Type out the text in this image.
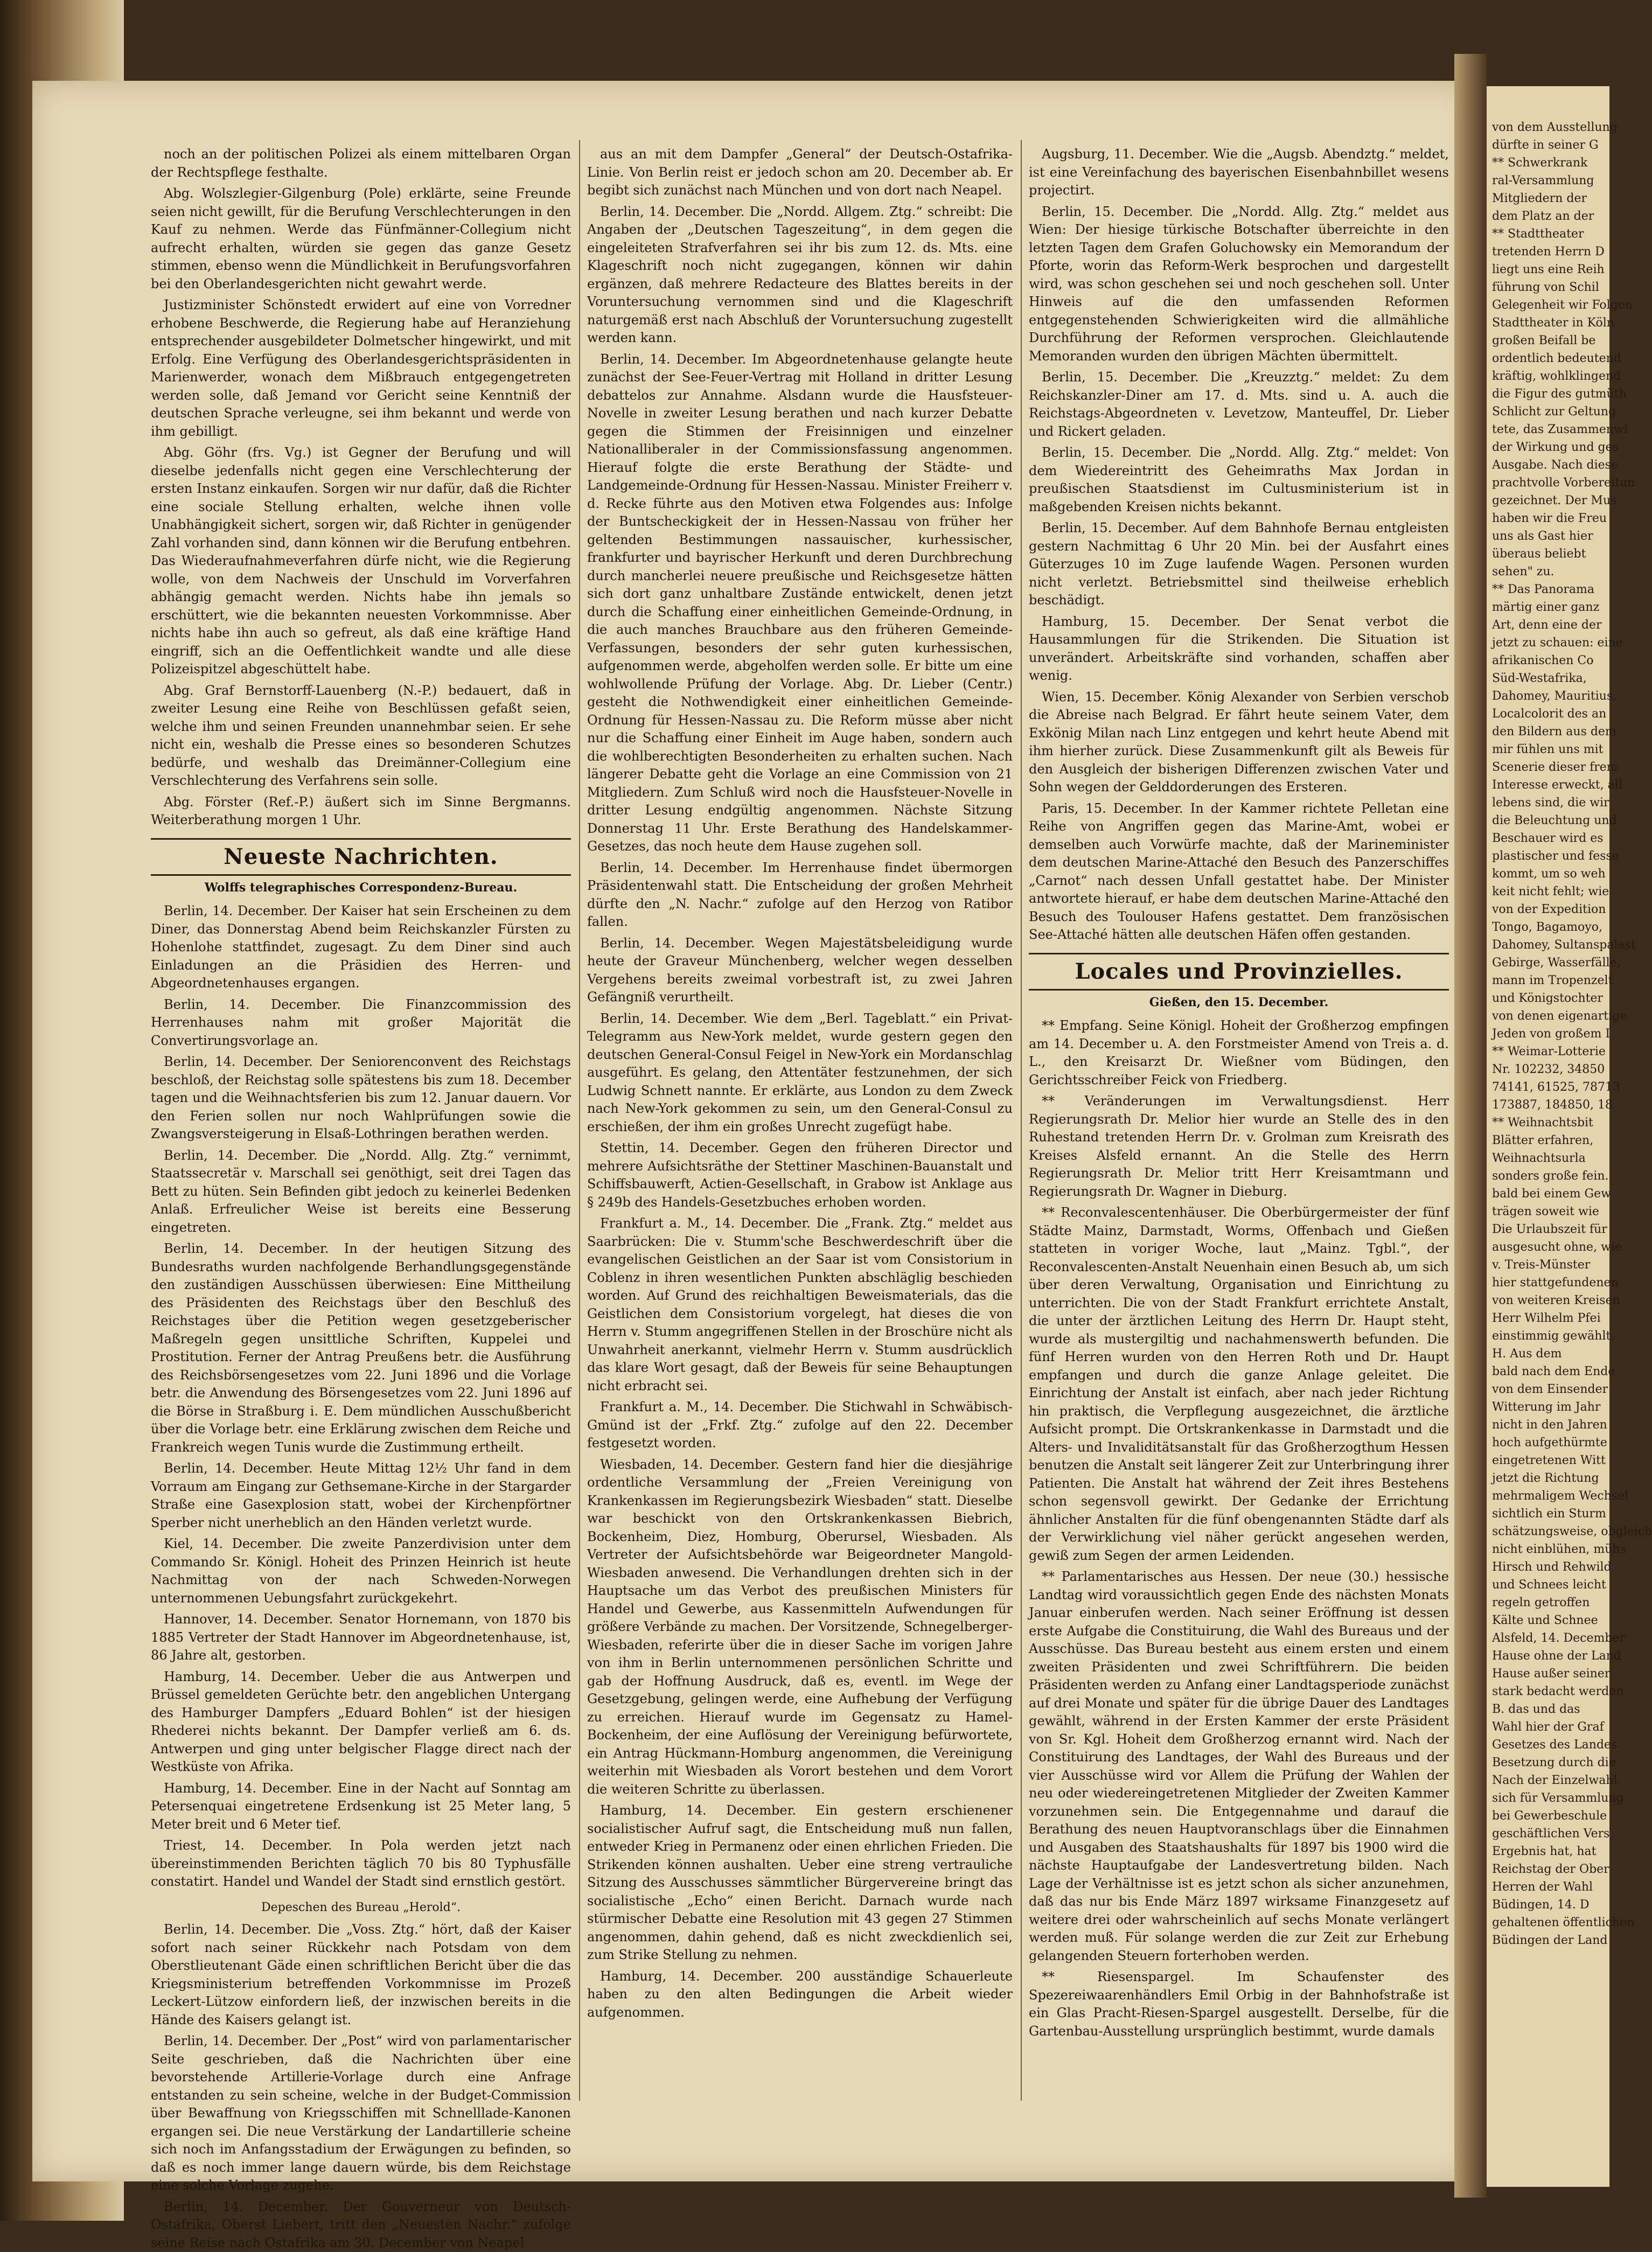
noch an der politischen Polizei als einem mittelbaren Organ der Rechtspflege festhalte.

Abg. Wolszlegier-Gilgenburg (Pole) erklärte, seine Freunde seien nicht gewillt, für die Berufung Verschlechterungen in den Kauf zu nehmen. Werde das Fünfmänner-Collegium nicht aufrecht erhalten, würden sie gegen das ganze Gesetz stimmen, ebenso wenn die Mündlichkeit in Berufungsvorfahren bei den Oberlandesgerichten nicht gewahrt werde.

Justizminister Schönstedt erwidert auf eine von Vorredner erhobene Beschwerde, die Regierung habe auf Heranziehung entsprechender ausgebildeter Dolmetscher hingewirkt, und mit Erfolg. Eine Verfügung des Oberlandesgerichtspräsidenten in Marienwerder, wonach dem Mißbrauch entgegengetreten werden solle, daß Jemand vor Gericht seine Kenntniß der deutschen Sprache verleugne, sei ihm bekannt und werde von ihm gebilligt.

Abg. Göhr (frs. Vg.) ist Gegner der Berufung und will dieselbe jedenfalls nicht gegen eine Verschlechterung der ersten Instanz einkaufen. Sorgen wir nur dafür, daß die Richter eine sociale Stellung erhalten, welche ihnen volle Unabhängigkeit sichert, sorgen wir, daß Richter in genügender Zahl vorhanden sind, dann können wir die Berufung entbehren. Das Wiederaufnahmeverfahren dürfe nicht, wie die Regierung wolle, von dem Nachweis der Unschuld im Vorverfahren abhängig gemacht werden. Nichts habe ihn jemals so erschüttert, wie die bekannten neuesten Vorkommnisse. Aber nichts habe ihn auch so gefreut, als daß eine kräftige Hand eingriff, sich an die Oeffentlichkeit wandte und alle diese Polizeispitzel abgeschüttelt habe.

Abg. Graf Bernstorff-Lauenberg (N.-P.) bedauert, daß in zweiter Lesung eine Reihe von Beschlüssen gefaßt seien, welche ihm und seinen Freunden unannehmbar seien. Er sehe nicht ein, weshalb die Presse eines so besonderen Schutzes bedürfe, und weshalb das Dreimänner-Collegium eine Verschlechterung des Verfahrens sein solle.

Abg. Förster (Ref.-P.) äußert sich im Sinne Bergmanns. Weiterberathung morgen 1 Uhr.

Neueste Nachrichten.
Wolffs telegraphisches Correspondenz-Bureau.

Berlin, 14. December. Der Kaiser hat sein Erscheinen zu dem Diner, das Donnerstag Abend beim Reichskanzler Fürsten zu Hohenlohe stattfindet, zugesagt. Zu dem Diner sind auch Einladungen an die Präsidien des Herren- und Abgeordnetenhauses ergangen.

Berlin, 14. December. Die Finanzcommission des Herrenhauses nahm mit großer Majorität die Convertirungsvorlage an.

Berlin, 14. December. Der Seniorenconvent des Reichstags beschloß, der Reichstag solle spätestens bis zum 18. December tagen und die Weihnachtsferien bis zum 12. Januar dauern. Vor den Ferien sollen nur noch Wahlprüfungen sowie die Zwangsversteigerung in Elsaß-Lothringen berathen werden.

Berlin, 14. December. Die „Nordd. Allg. Ztg.“ vernimmt, Staatssecretär v. Marschall sei genöthigt, seit drei Tagen das Bett zu hüten. Sein Befinden gibt jedoch zu keinerlei Bedenken Anlaß. Erfreulicher Weise ist bereits eine Besserung eingetreten.

Berlin, 14. December. In der heutigen Sitzung des Bundesraths wurden nachfolgende Berhandlungsgegenstände den zuständigen Ausschüssen überwiesen: Eine Mittheilung des Präsidenten des Reichstags über den Beschluß des Reichstages über die Petition wegen gesetzgeberischer Maßregeln gegen unsittliche Schriften, Kuppelei und Prostitution. Ferner der Antrag Preußens betr. die Ausführung des Reichsbörsengesetzes vom 22. Juni 1896 und die Vorlage betr. die Anwendung des Börsengesetzes vom 22. Juni 1896 auf die Börse in Straßburg i. E. Dem mündlichen Ausschußbericht über die Vorlage betr. eine Erklärung zwischen dem Reiche und Frankreich wegen Tunis wurde die Zustimmung ertheilt.

Berlin, 14. December. Heute Mittag 12½ Uhr fand in dem Vorraum am Eingang zur Gethsemane-Kirche in der Stargarder Straße eine Gasexplosion statt, wobei der Kirchenpförtner Sperber nicht unerheblich an den Händen verletzt wurde.

Kiel, 14. December. Die zweite Panzerdivision unter dem Commando Sr. Königl. Hoheit des Prinzen Heinrich ist heute Nachmittag von der nach Schweden-Norwegen unternommenen Uebungsfahrt zurückgekehrt.

Hannover, 14. December. Senator Hornemann, von 1870 bis 1885 Vertreter der Stadt Hannover im Abgeordnetenhause, ist, 86 Jahre alt, gestorben.

Hamburg, 14. December. Ueber die aus Antwerpen und Brüssel gemeldeten Gerüchte betr. den angeblichen Untergang des Hamburger Dampfers „Eduard Bohlen“ ist der hiesigen Rhederei nichts bekannt. Der Dampfer verließ am 6. ds. Antwerpen und ging unter belgischer Flagge direct nach der Westküste von Afrika.

Hamburg, 14. December. Eine in der Nacht auf Sonntag am Petersenquai eingetretene Erdsenkung ist 25 Meter lang, 5 Meter breit und 6 Meter tief.

Triest, 14. December. In Pola werden jetzt nach übereinstimmenden Berichten täglich 70 bis 80 Typhusfälle constatirt. Handel und Wandel der Stadt sind ernstlich gestört.

Depeschen des Bureau „Herold“.

Berlin, 14. December. Die „Voss. Ztg.“ hört, daß der Kaiser sofort nach seiner Rückkehr nach Potsdam von dem Oberstlieutenant Gäde einen schriftlichen Bericht über die das Kriegsministerium betreffenden Vorkommnisse im Prozeß Leckert-Lützow einfordern ließ, der inzwischen bereits in die Hände des Kaisers gelangt ist.

Berlin, 14. December. Der „Post“ wird von parlamentarischer Seite geschrieben, daß die Nachrichten über eine bevorstehende Artillerie-Vorlage durch eine Anfrage entstanden zu sein scheine, welche in der Budget-Commission über Bewaffnung von Kriegsschiffen mit Schnelllade-Kanonen ergangen sei. Die neue Verstärkung der Landartillerie scheine sich noch im Anfangsstadium der Erwägungen zu befinden, so daß es noch immer lange dauern würde, bis dem Reichstage eine solche Vorlage zugehe.

Berlin, 14. December. Der Gouverneur von Deutsch-Ostafrika, Oberst Liebert, tritt den „Neuesten Nachr.“ zufolge seine Reise nach Ostafrika am 30. December von Neapel

aus an mit dem Dampfer „General“ der Deutsch-Ostafrika-Linie. Von Berlin reist er jedoch schon am 20. December ab. Er begibt sich zunächst nach München und von dort nach Neapel.

Berlin, 14. December. Die „Nordd. Allgem. Ztg.“ schreibt: Die Angaben der „Deutschen Tageszeitung“, in dem gegen die eingeleiteten Strafverfahren sei ihr bis zum 12. ds. Mts. eine Klageschrift noch nicht zugegangen, können wir dahin ergänzen, daß mehrere Redacteure des Blattes bereits in der Voruntersuchung vernommen sind und die Klageschrift naturgemäß erst nach Abschluß der Voruntersuchung zugestellt werden kann.

Berlin, 14. December. Im Abgeordnetenhause gelangte heute zunächst der See-Feuer-Vertrag mit Holland in dritter Lesung debattelos zur Annahme. Alsdann wurde die Hausfsteuer-Novelle in zweiter Lesung berathen und nach kurzer Debatte gegen die Stimmen der Freisinnigen und einzelner Nationalliberaler in der Commissionsfassung angenommen. Hierauf folgte die erste Berathung der Städte- und Landgemeinde-Ordnung für Hessen-Nassau. Minister Freiherr v. d. Recke führte aus den Motiven etwa Folgendes aus: Infolge der Buntscheckigkeit der in Hessen-Nassau von früher her geltenden Bestimmungen nassauischer, kurhessischer, frankfurter und bayrischer Herkunft und deren Durchbrechung durch mancherlei neuere preußische und Reichsgesetze hätten sich dort ganz unhaltbare Zustände entwickelt, denen jetzt durch die Schaffung einer einheitlichen Gemeinde-Ordnung, in die auch manches Brauchbare aus den früheren Gemeinde-Verfassungen, besonders der sehr guten kurhessischen, aufgenommen werde, abgeholfen werden solle. Er bitte um eine wohlwollende Prüfung der Vorlage. Abg. Dr. Lieber (Centr.) gesteht die Nothwendigkeit einer einheitlichen Gemeinde-Ordnung für Hessen-Nassau zu. Die Reform müsse aber nicht nur die Schaffung einer Einheit im Auge haben, sondern auch die wohlberechtigten Besonderheiten zu erhalten suchen. Nach längerer Debatte geht die Vorlage an eine Commission von 21 Mitgliedern. Zum Schluß wird noch die Hausfsteuer-Novelle in dritter Lesung endgültig angenommen. Nächste Sitzung Donnerstag 11 Uhr. Erste Berathung des Handelskammer-Gesetzes, das noch heute dem Hause zugehen soll.

Berlin, 14. December. Im Herrenhause findet übermorgen Präsidentenwahl statt. Die Entscheidung der großen Mehrheit dürfte den „N. Nachr.“ zufolge auf den Herzog von Ratibor fallen.

Berlin, 14. December. Wegen Majestätsbeleidigung wurde heute der Graveur Münchenberg, welcher wegen desselben Vergehens bereits zweimal vorbestraft ist, zu zwei Jahren Gefängniß verurtheilt.

Berlin, 14. December. Wie dem „Berl. Tageblatt.“ ein Privat-Telegramm aus New-York meldet, wurde gestern gegen den deutschen General-Consul Feigel in New-York ein Mordanschlag ausgeführt. Es gelang, den Attentäter festzunehmen, der sich Ludwig Schnett nannte. Er erklärte, aus London zu dem Zweck nach New-York gekommen zu sein, um den General-Consul zu erschießen, der ihm ein großes Unrecht zugefügt habe.

Stettin, 14. December. Gegen den früheren Director und mehrere Aufsichtsräthe der Stettiner Maschinen-Bauanstalt und Schiffsbauwerft, Actien-Gesellschaft, in Grabow ist Anklage aus § 249b des Handels-Gesetzbuches erhoben worden.

Frankfurt a. M., 14. December. Die „Frank. Ztg.“ meldet aus Saarbrücken: Die v. Stumm'sche Beschwerdeschrift über die evangelischen Geistlichen an der Saar ist vom Consistorium in Coblenz in ihren wesentlichen Punkten abschläglig beschieden worden. Auf Grund des reichhaltigen Beweismaterials, das die Geistlichen dem Consistorium vorgelegt, hat dieses die von Herrn v. Stumm angegriffenen Stellen in der Broschüre nicht als Unwahrheit anerkannt, vielmehr Herrn v. Stumm ausdrücklich das klare Wort gesagt, daß der Beweis für seine Behauptungen nicht erbracht sei.

Frankfurt a. M., 14. December. Die Stichwahl in Schwäbisch-Gmünd ist der „Frkf. Ztg.“ zufolge auf den 22. December festgesetzt worden.

Wiesbaden, 14. December. Gestern fand hier die diesjährige ordentliche Versammlung der „Freien Vereinigung von Krankenkassen im Regierungsbezirk Wiesbaden“ statt. Dieselbe war beschickt von den Ortskrankenkassen Biebrich, Bockenheim, Diez, Homburg, Oberursel, Wiesbaden. Als Vertreter der Aufsichtsbehörde war Beigeordneter Mangold-Wiesbaden anwesend. Die Verhandlungen drehten sich in der Hauptsache um das Verbot des preußischen Ministers für Handel und Gewerbe, aus Kassenmitteln Aufwendungen für größere Verbände zu machen. Der Vorsitzende, Schnegelberger-Wiesbaden, referirte über die in dieser Sache im vorigen Jahre von ihm in Berlin unternommenen persönlichen Schritte und gab der Hoffnung Ausdruck, daß es, eventl. im Wege der Gesetzgebung, gelingen werde, eine Aufhebung der Verfügung zu erreichen. Hierauf wurde im Gegensatz zu Hamel-Bockenheim, der eine Auflösung der Vereinigung befürwortete, ein Antrag Hückmann-Homburg angenommen, die Vereinigung weiterhin mit Wiesbaden als Vorort bestehen und dem Vorort die weiteren Schritte zu überlassen.

Hamburg, 14. December. Ein gestern erschienener socialistischer Aufruf sagt, die Entscheidung muß nun fallen, entweder Krieg in Permanenz oder einen ehrlichen Frieden. Die Strikenden können aushalten. Ueber eine streng vertrauliche Sitzung des Ausschusses sämmtlicher Bürgervereine bringt das socialistische „Echo“ einen Bericht. Darnach wurde nach stürmischer Debatte eine Resolution mit 43 gegen 27 Stimmen angenommen, dahin gehend, daß es nicht zweckdienlich sei, zum Strike Stellung zu nehmen.

Hamburg, 14. December. 200 ausständige Schauerleute haben zu den alten Bedingungen die Arbeit wieder aufgenommen.

Augsburg, 11. December. Wie die „Augsb. Abendztg.“ meldet, ist eine Vereinfachung des bayerischen Eisenbahnbillet wesens projectirt.

Berlin, 15. December. Die „Nordd. Allg. Ztg.“ meldet aus Wien: Der hiesige türkische Botschafter überreichte in den letzten Tagen dem Grafen Goluchowsky ein Memorandum der Pforte, worin das Reform-Werk besprochen und dargestellt wird, was schon geschehen sei und noch geschehen soll. Unter Hinweis auf die den umfassenden Reformen entgegenstehenden Schwierigkeiten wird die allmähliche Durchführung der Reformen versprochen. Gleichlautende Memoranden wurden den übrigen Mächten übermittelt.

Berlin, 15. December. Die „Kreuzztg.“ meldet: Zu dem Reichskanzler-Diner am 17. d. Mts. sind u. A. auch die Reichstags-Abgeordneten v. Levetzow, Manteuffel, Dr. Lieber und Rickert geladen.

Berlin, 15. December. Die „Nordd. Allg. Ztg.“ meldet: Von dem Wiedereintritt des Geheimraths Max Jordan in preußischen Staatsdienst im Cultusministerium ist in maßgebenden Kreisen nichts bekannt.

Berlin, 15. December. Auf dem Bahnhofe Bernau entgleisten gestern Nachmittag 6 Uhr 20 Min. bei der Ausfahrt eines Güterzuges 10 im Zuge laufende Wagen. Personen wurden nicht verletzt. Betriebsmittel sind theilweise erheblich beschädigt.

Hamburg, 15. December. Der Senat verbot die Hausammlungen für die Strikenden. Die Situation ist unverändert. Arbeitskräfte sind vorhanden, schaffen aber wenig.

Wien, 15. December. König Alexander von Serbien verschob die Abreise nach Belgrad. Er fährt heute seinem Vater, dem Exkönig Milan nach Linz entgegen und kehrt heute Abend mit ihm hierher zurück. Diese Zusammenkunft gilt als Beweis für den Ausgleich der bisherigen Differenzen zwischen Vater und Sohn wegen der Gelddorderungen des Ersteren.

Paris, 15. December. In der Kammer richtete Pelletan eine Reihe von Angriffen gegen das Marine-Amt, wobei er demselben auch Vorwürfe machte, daß der Marineminister dem deutschen Marine-Attaché den Besuch des Panzerschiffes „Carnot“ nach dessen Unfall gestattet habe. Der Minister antwortete hierauf, er habe dem deutschen Marine-Attaché den Besuch des Toulouser Hafens gestattet. Dem französischen See-Attaché hätten alle deutschen Häfen offen gestanden.

Locales und Provinzielles.
Gießen, den 15. December.

** Empfang. Seine Königl. Hoheit der Großherzog empfingen am 14. December u. A. den Forstmeister Amend von Treis a. d. L., den Kreisarzt Dr. Wießner vom Büdingen, den Gerichtsschreiber Feick von Friedberg.

** Veränderungen im Verwaltungsdienst. Herr Regierungsrath Dr. Melior hier wurde an Stelle des in den Ruhestand tretenden Herrn Dr. v. Grolman zum Kreisrath des Kreises Alsfeld ernannt. An die Stelle des Herrn Regierungsrath Dr. Melior tritt Herr Kreisamtmann und Regierungsrath Dr. Wagner in Dieburg.

** Reconvalescentenhäuser. Die Oberbürgermeister der fünf Städte Mainz, Darmstadt, Worms, Offenbach und Gießen statteten in voriger Woche, laut „Mainz. Tgbl.“, der Reconvalescenten-Anstalt Neuenhain einen Besuch ab, um sich über deren Verwaltung, Organisation und Einrichtung zu unterrichten. Die von der Stadt Frankfurt errichtete Anstalt, die unter der ärztlichen Leitung des Herrn Dr. Haupt steht, wurde als mustergiltig und nachahmenswerth befunden. Die fünf Herren wurden von den Herren Roth und Dr. Haupt empfangen und durch die ganze Anlage geleitet. Die Einrichtung der Anstalt ist einfach, aber nach jeder Richtung hin praktisch, die Verpflegung ausgezeichnet, die ärztliche Aufsicht prompt. Die Ortskrankenkasse in Darmstadt und die Alters- und Invaliditätsanstalt für das Großherzogthum Hessen benutzen die Anstalt seit längerer Zeit zur Unterbringung ihrer Patienten. Die Anstalt hat während der Zeit ihres Bestehens schon segensvoll gewirkt. Der Gedanke der Errichtung ähnlicher Anstalten für die fünf obengenannten Städte darf als der Verwirklichung viel näher gerückt angesehen werden, gewiß zum Segen der armen Leidenden.

** Parlamentarisches aus Hessen. Der neue (30.) hessische Landtag wird voraussichtlich gegen Ende des nächsten Monats Januar einberufen werden. Nach seiner Eröffnung ist dessen erste Aufgabe die Constituirung, die Wahl des Bureaus und der Ausschüsse. Das Bureau besteht aus einem ersten und einem zweiten Präsidenten und zwei Schriftführern. Die beiden Präsidenten werden zu Anfang einer Landtagsperiode zunächst auf drei Monate und später für die übrige Dauer des Landtages gewählt, während in der Ersten Kammer der erste Präsident von Sr. Kgl. Hoheit dem Großherzog ernannt wird. Nach der Constituirung des Landtages, der Wahl des Bureaus und der vier Ausschüsse wird vor Allem die Prüfung der Wahlen der neu oder wiedereingetretenen Mitglieder der Zweiten Kammer vorzunehmen sein. Die Entgegennahme und darauf die Berathung des neuen Hauptvoranschlags über die Einnahmen und Ausgaben des Staatshaushalts für 1897 bis 1900 wird die nächste Hauptaufgabe der Landesvertretung bilden. Nach Lage der Verhältnisse ist es jetzt schon als sicher anzunehmen, daß das nur bis Ende März 1897 wirksame Finanzgesetz auf weitere drei oder wahrscheinlich auf sechs Monate verlängert werden muß. Für solange werden die zur Zeit zur Erhebung gelangenden Steuern forterhoben werden.

** Riesenspargel. Im Schaufenster des Spezereiwaarenhändlers Emil Orbig in der Bahnhofstraße ist ein Glas Pracht-Riesen-Spargel ausgestellt. Derselbe, für die Gartenbau-Ausstellung ursprünglich bestimmt, wurde damals

von dem Ausstellung
dürfte in seiner G
** Schwerkrank
ral-Versammlung
Mitgliedern der
dem Platz an der
** Stadttheater
tretenden Herrn D
liegt uns eine Reih
führung von Schil
Gelegenheit wir Folgen
Stadttheater in Köln
großen Beifall be
ordentlich bedeutend
kräftig, wohlklingend
die Figur des gutmüth
Schlicht zur Geltung
tete, das Zusammenwi
der Wirkung und ges
Ausgabe. Nach diese
prachtvolle Vorbereitun
gezeichnet. Der Mus
haben wir die Freu
uns als Gast hier
überaus beliebt
sehen" zu.
** Das Panorama
märtig einer ganz
Art, denn eine der
jetzt zu schauen: eine
afrikanischen Co
Süd-Westafrika,
Dahomey, Mauritius,
Localcolorit des an
den Bildern aus dem
mir fühlen uns mit
Scenerie dieser frem
Interesse erweckt, all
lebens sind, die wir
die Beleuchtung und
Beschauer wird es
plastischer und fesse
kommt, um so weh
keit nicht fehlt; wie
von der Expedition
Tongo, Bagamoyo,
Dahomey, Sultanspalast
Gebirge, Wasserfälle,
mann im Tropenzelt
und Königstochter
von denen eigenartige
Jeden von großem I
** Weimar-Lotterie
Nr. 102232, 34850
74141, 61525, 78713
173887, 184850, 18
** Weihnachtsbit
Blätter erfahren,
Weihnachtsurla
sonders große fein.
bald bei einem Gew
trägen soweit wie
Die Urlaubszeit für
ausgesucht ohne, wie
v. Treis-Münster
hier stattgefundenen
von weiteren Kreisen
Herr Wilhelm Pfei
einstimmig gewählt.
H. Aus dem
bald nach dem Ende
von dem Einsender
Witterung im Jahr
nicht in den Jahren
hoch aufgethürmte
eingetretenen Witt
jetzt die Richtung
mehrmaligem Wechsel
sichtlich ein Sturm
schätzungsweise, obgleich
nicht einblühen, mühs
Hirsch und Rehwild
und Schnees leicht
regeln getroffen
Kälte und Schnee
Alsfeld, 14. December
Hause ohne der Land
Hause außer seiner
stark bedacht werden
B. das und das
Wahl hier der Graf
Gesetzes des Landes
Besetzung durch die
Nach der Einzelwahl
sich für Versammlung
bei Gewerbeschule
geschäftlichen Vers
Ergebnis hat, hat
Reichstag der Ober
Herren der Wahl
Büdingen, 14. D
gehaltenen öffentlichen
Büdingen der Land
